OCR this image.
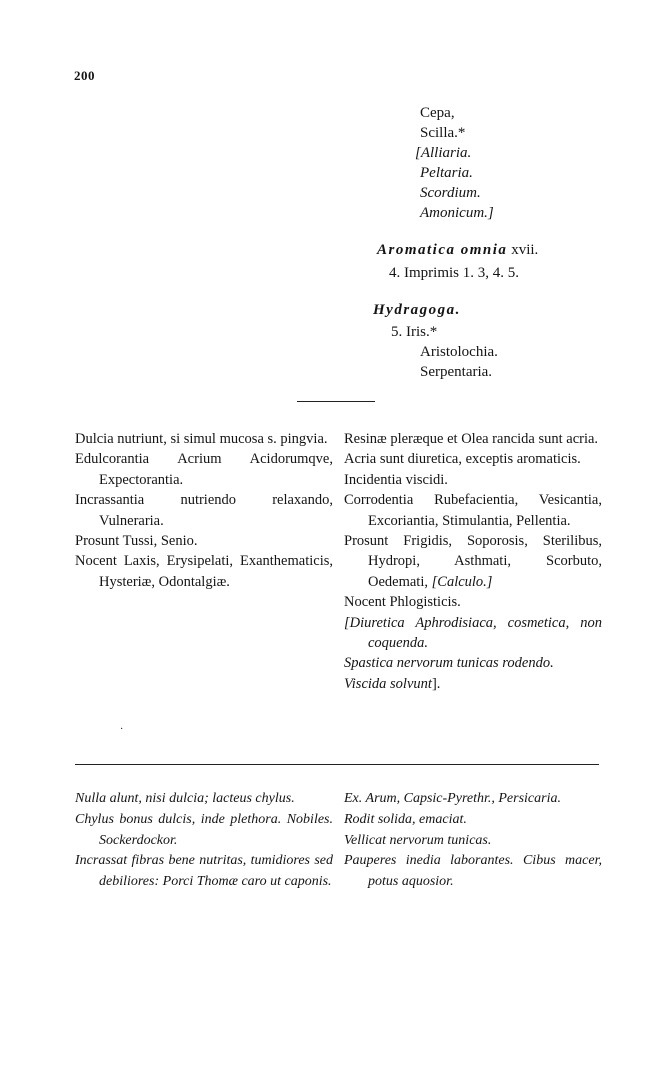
200
Cepa,
Scilla.*
[Alliaria.
Peltaria.
Scordium.
Amonicum.]
Aromatica omnia xvii.
4. Imprimis 1. 3, 4. 5.
Hydragoga.
5. Iris.*
Aristolochia.
Serpentaria.
Dulcia nutriunt, si simul mucosa s. pingvia.
Edulcorantia Acrium Acidorumqve, Expectorantia.
Incrassantia nutriendo relaxando, Vulneraria.
Prosunt Tussi, Senio.
Nocent Laxis, Erysipelati, Exanthematicis, Hysteriæ, Odontalgiæ.
·
Resinæ pleræque et Olea rancida sunt acria.
Acria sunt diuretica, exceptis aromaticis.
Incidentia viscidi.
Corrodentia Rubefacientia, Vesicantia, Excoriantia, Stimulantia, Pellentia.
Prosunt Frigidis, Soporosis, Sterilibus, Hydropi, Asthmati, Scorbuto, Oedemati, [Calculo.]
Nocent Phlogisticis.
[Diuretica Aphrodisiaca, cosmetica, non coquenda.
Spastica nervorum tunicas rodendo.
Viscida solvunt].
Nulla alunt, nisi dulcia; lacteus chylus.
Chylus bonus dulcis, inde plethora. Nobiles. Sockerdockor.
Incrassat fibras bene nutritas, tumidiores sed debiliores: Porci Thomæ caro ut caponis.
Ex. Arum, Capsic-Pyrethr., Persicaria.
Rodit solida, emaciat.
Vellicat nervorum tunicas.
Pauperes inedia laborantes. Cibus macer, potus aquosior.
